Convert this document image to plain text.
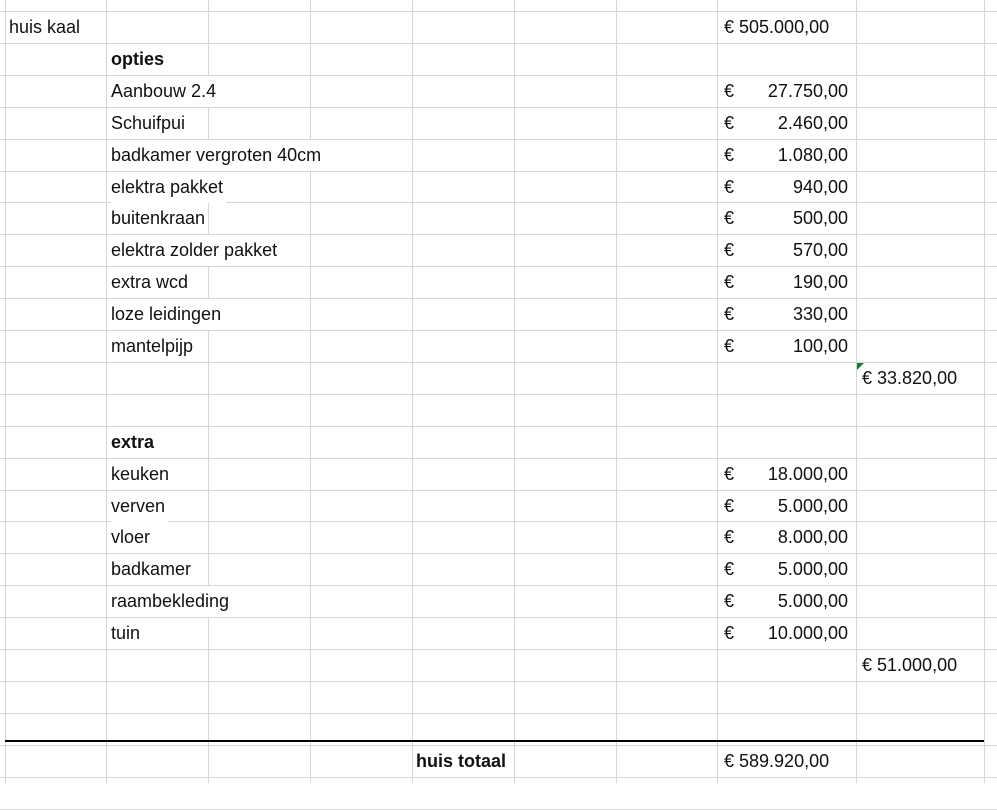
huis kaal	€ 505.000,00
opties
Aanbouw 2.4	€	27.750,00
Schuifpui	€	2.460,00
badkamer vergroten 40cm	€	1.080,00
elektra pakket	€	940,00
buitenkraan	€	500,00
elektra zolder pakket	€	570,00
extra wcd	€	190,00
loze leidingen	€	330,00
mantelpijp	€	100,00
€ 33.820,00
extra
keuken	€	18.000,00
verven	€	5.000,00
vloer	€	8.000,00
badkamer	€	5.000,00
raambekleding	€	5.000,00
tuin	€	10.000,00
€ 51.000,00
huis totaal	€ 589.920,00
